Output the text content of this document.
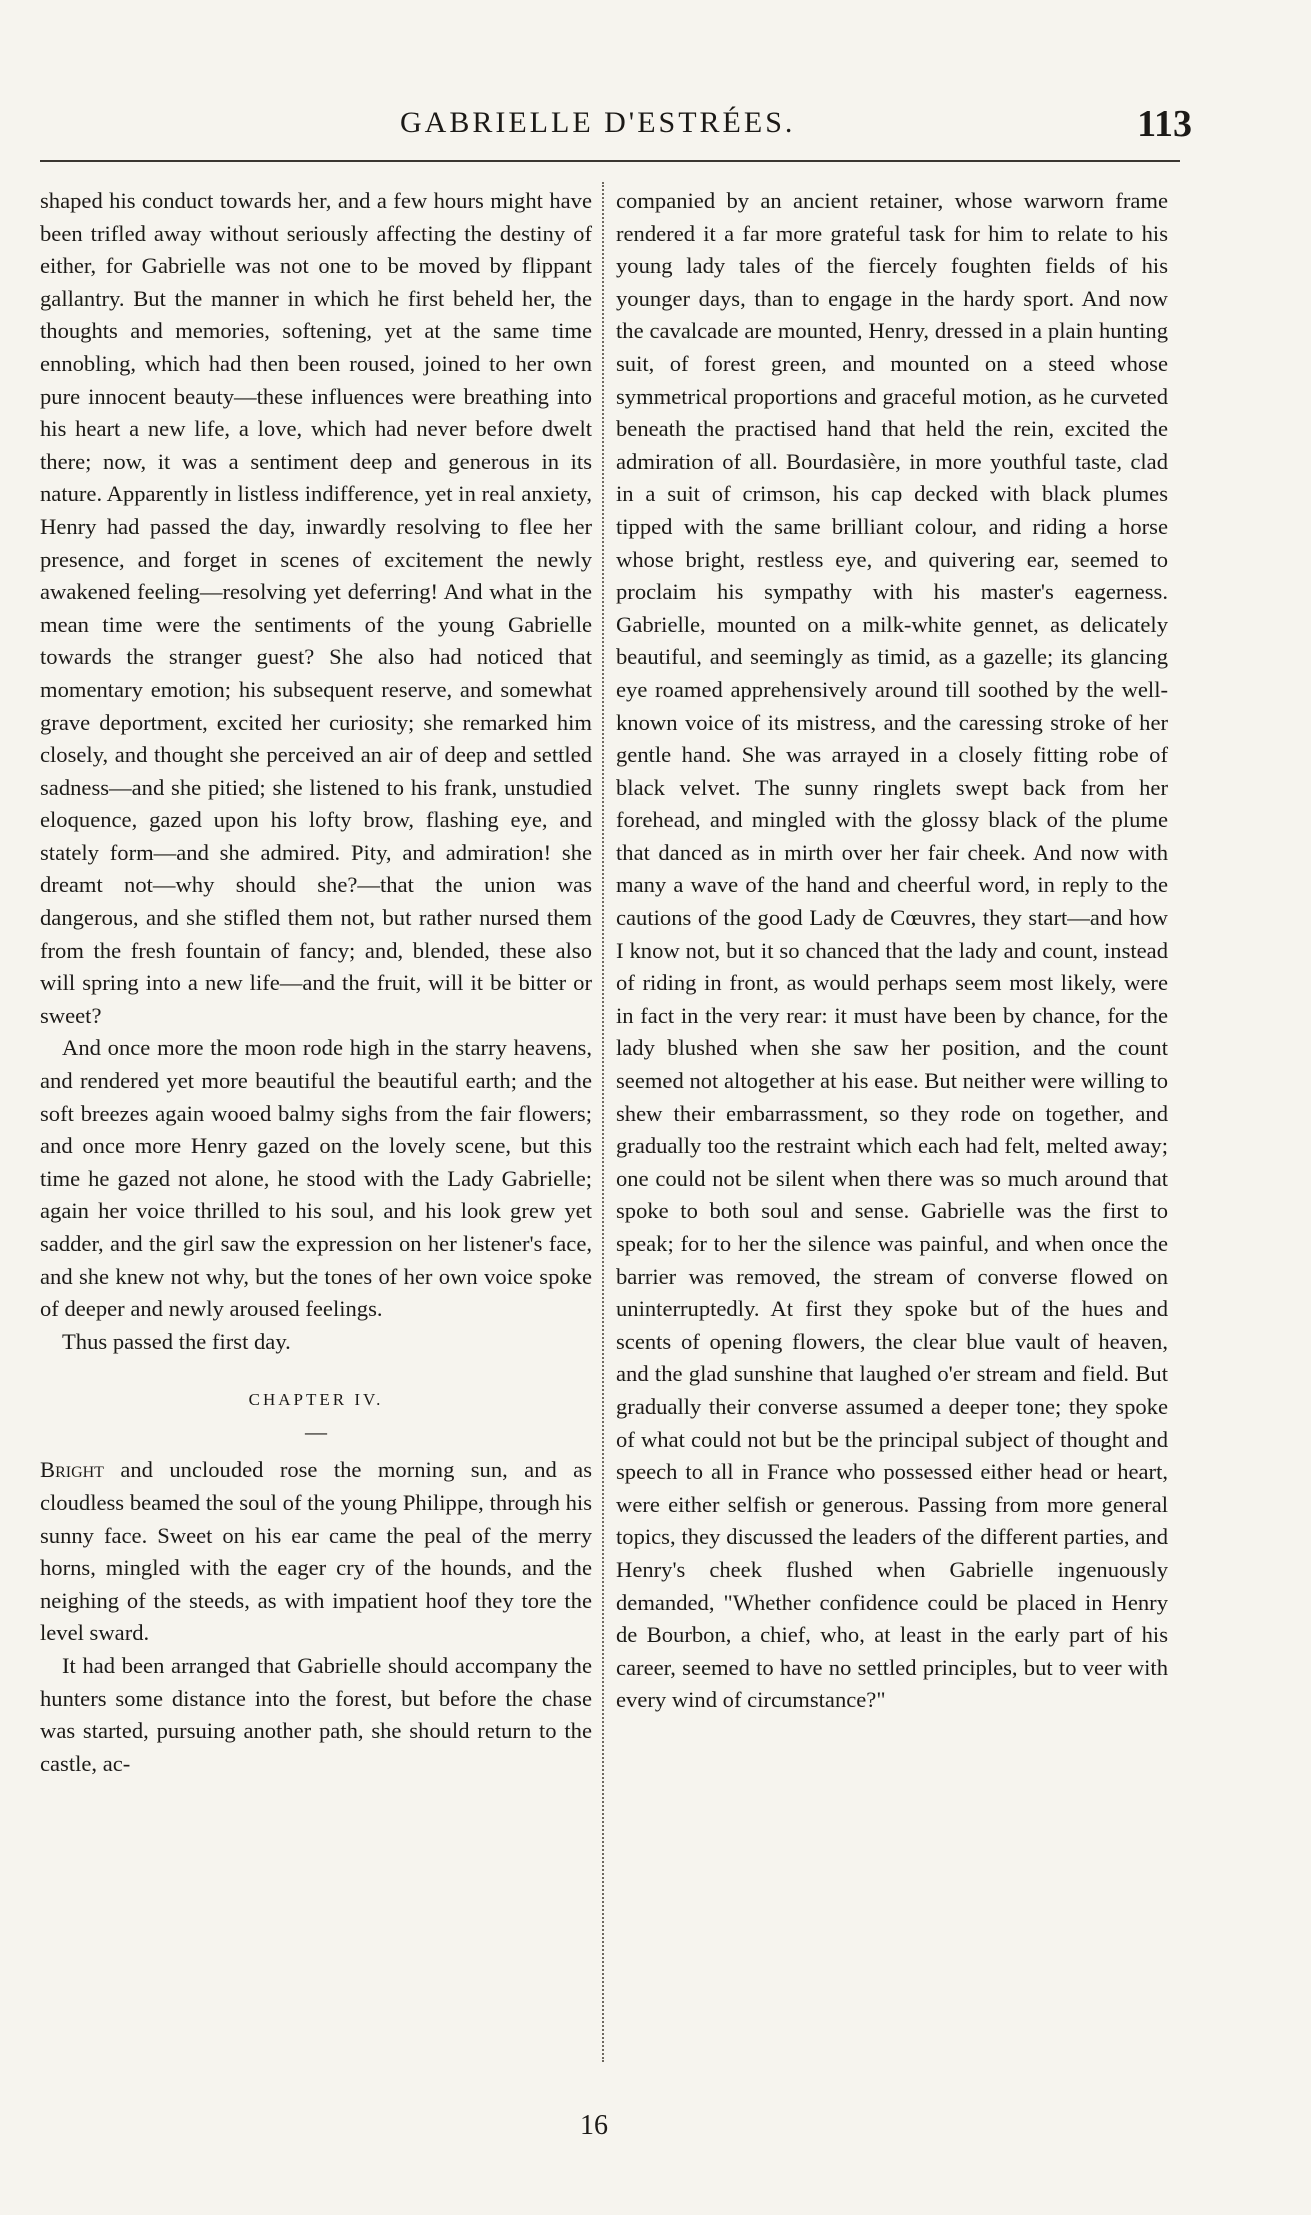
GABRIELLE D'ESTRÉES.	113

shaped his conduct towards her, and a few hours might have been trifled away without seriously affecting the destiny of either, for Gabrielle was not one to be moved by flippant gallantry. But the manner in which he first beheld her, the thoughts and memories, softening, yet at the same time ennobling, which had then been roused, joined to her own pure innocent beauty—these influences were breathing into his heart a new life, a love, which had never before dwelt there; now, it was a sentiment deep and generous in its nature. Apparently in listless indifference, yet in real anxiety, Henry had passed the day, inwardly resolving to flee her presence, and forget in scenes of excitement the newly awakened feeling—resolving yet deferring! And what in the mean time were the sentiments of the young Gabrielle towards the stranger guest? She also had noticed that momentary emotion; his subsequent reserve, and somewhat grave deportment, excited her curiosity; she remarked him closely, and thought she perceived an air of deep and settled sadness—and she pitied; she listened to his frank, unstudied eloquence, gazed upon his lofty brow, flashing eye, and stately form—and she admired. Pity, and admiration! she dreamt not—why should she?—that the union was dangerous, and she stifled them not, but rather nursed them from the fresh fountain of fancy; and, blended, these also will spring into a new life—and the fruit, will it be bitter or sweet?

And once more the moon rode high in the starry heavens, and rendered yet more beautiful the beautiful earth; and the soft breezes again wooed balmy sighs from the fair flowers; and once more Henry gazed on the lovely scene, but this time he gazed not alone, he stood with the Lady Gabrielle; again her voice thrilled to his soul, and his look grew yet sadder, and the girl saw the expression on her listener's face, and she knew not why, but the tones of her own voice spoke of deeper and newly aroused feelings.

Thus passed the first day.

CHAPTER IV.
—

Bright and unclouded rose the morning sun, and as cloudless beamed the soul of the young Philippe, through his sunny face. Sweet on his ear came the peal of the merry horns, mingled with the eager cry of the hounds, and the neighing of the steeds, as with impatient hoof they tore the level sward.

It had been arranged that Gabrielle should accompany the hunters some distance into the forest, but before the chase was started, pursuing another path, she should return to the castle, ac-

companied by an ancient retainer, whose warworn frame rendered it a far more grateful task for him to relate to his young lady tales of the fiercely foughten fields of his younger days, than to engage in the hardy sport. And now the cavalcade are mounted, Henry, dressed in a plain hunting suit, of forest green, and mounted on a steed whose symmetrical proportions and graceful motion, as he curveted beneath the practised hand that held the rein, excited the admiration of all. Bourdasière, in more youthful taste, clad in a suit of crimson, his cap decked with black plumes tipped with the same brilliant colour, and riding a horse whose bright, restless eye, and quivering ear, seemed to proclaim his sympathy with his master's eagerness. Gabrielle, mounted on a milk-white gennet, as delicately beautiful, and seemingly as timid, as a gazelle; its glancing eye roamed apprehensively around till soothed by the well-known voice of its mistress, and the caressing stroke of her gentle hand. She was arrayed in a closely fitting robe of black velvet. The sunny ringlets swept back from her forehead, and mingled with the glossy black of the plume that danced as in mirth over her fair cheek. And now with many a wave of the hand and cheerful word, in reply to the cautions of the good Lady de Cœuvres, they start—and how I know not, but it so chanced that the lady and count, instead of riding in front, as would perhaps seem most likely, were in fact in the very rear: it must have been by chance, for the lady blushed when she saw her position, and the count seemed not altogether at his ease. But neither were willing to shew their embarrassment, so they rode on together, and gradually too the restraint which each had felt, melted away; one could not be silent when there was so much around that spoke to both soul and sense. Gabrielle was the first to speak; for to her the silence was painful, and when once the barrier was removed, the stream of converse flowed on uninterruptedly. At first they spoke but of the hues and scents of opening flowers, the clear blue vault of heaven, and the glad sunshine that laughed o'er stream and field. But gradually their converse assumed a deeper tone; they spoke of what could not but be the principal subject of thought and speech to all in France who possessed either head or heart, were either selfish or generous. Passing from more general topics, they discussed the leaders of the different parties, and Henry's cheek flushed when Gabrielle ingenuously demanded, "Whether confidence could be placed in Henry de Bourbon, a chief, who, at least in the early part of his career, seemed to have no settled principles, but to veer with every wind of circumstance?"

16
